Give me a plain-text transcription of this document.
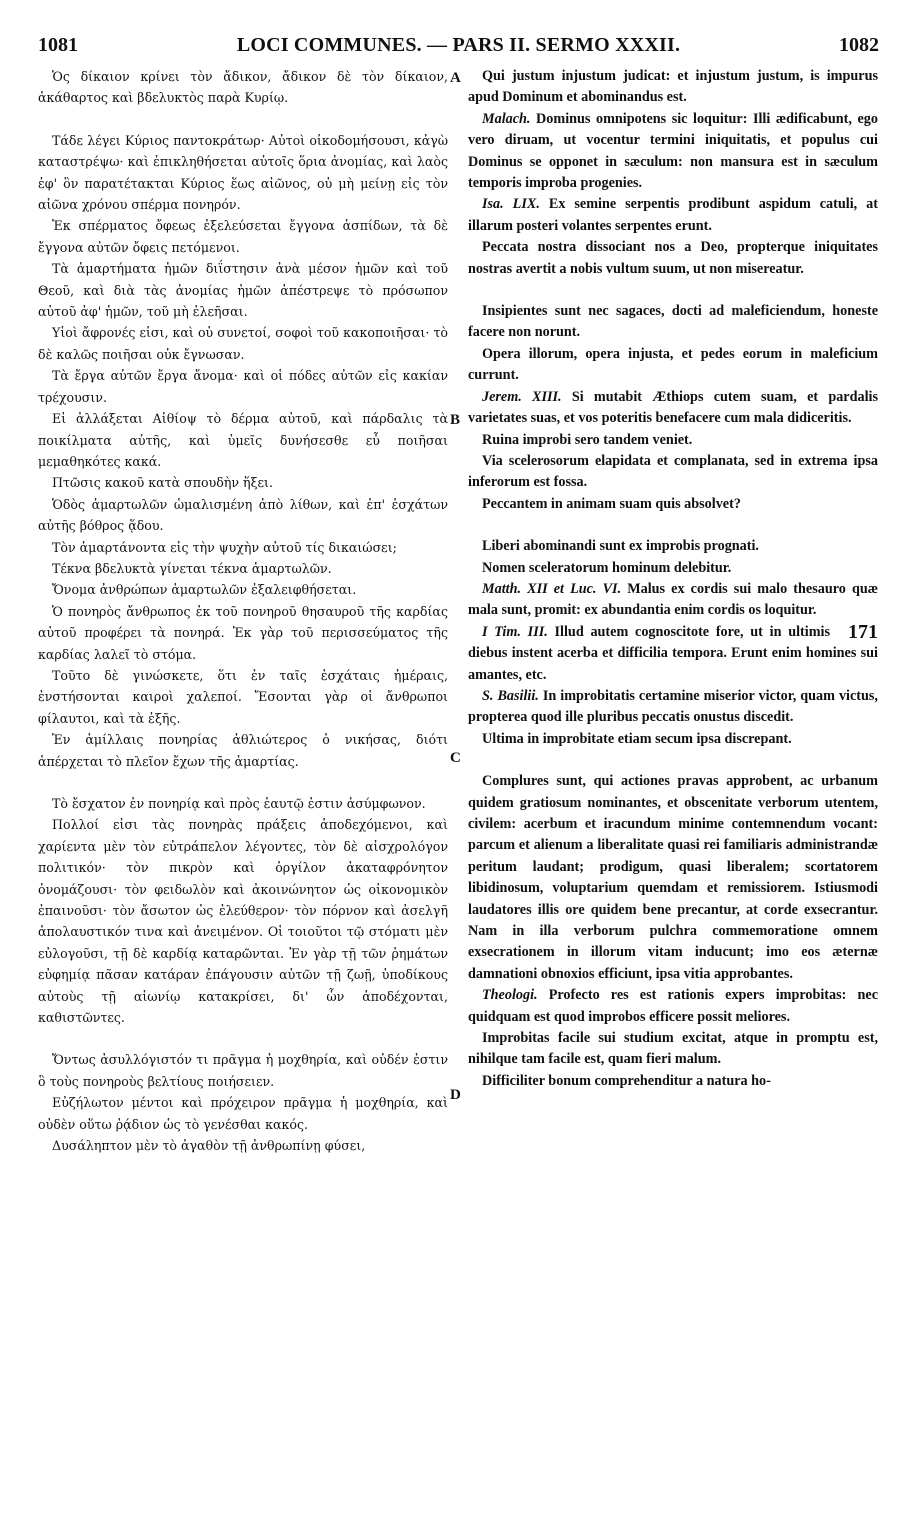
1081	LOCI COMMUNES. — PARS II. SERMO XXXII.	1082
A
B
C
D

Ὁς δίκαιον κρίνει τὸν ἄδικον, ἄδικον δὲ τὸν δίκαιον, ἀκάθαρτος καὶ βδελυκτὸς παρὰ Κυρίῳ.

Τάδε λέγει Κύριος παντοκράτωρ· Αὐτοὶ οἰκοδομήσουσι, κἀγὼ καταστρέψω· καὶ ἐπικληθήσεται αὐτοῖς ὅρια ἀνομίας, καὶ λαὸς ἐφ' ὃν παρατέτακται Κύριος ἕως αἰῶνος, οὐ μὴ μείνῃ εἰς τὸν αἰῶνα χρόνου σπέρμα πονηρόν.

Ἐκ σπέρματος ὄφεως ἐξελεύσεται ἔγγονα ἀσπίδων, τὰ δὲ ἔγγονα αὐτῶν ὄφεις πετόμενοι.

Τὰ ἁμαρτήματα ἡμῶν διΐστησιν ἀνὰ μέσον ἡμῶν καὶ τοῦ Θεοῦ, καὶ διὰ τὰς ἀνομίας ἡμῶν ἀπέστρεψε τὸ πρόσωπον αὐτοῦ ἀφ' ἡμῶν, τοῦ μὴ ἐλεῆσαι.

Υἱοὶ ἄφρονές εἰσι, καὶ οὐ συνετοί, σοφοὶ τοῦ κακοποιῆσαι· τὸ δὲ καλῶς ποιῆσαι οὐκ ἔγνωσαν.

Τὰ ἔργα αὐτῶν ἔργα ἄνομα· καὶ οἱ πόδες αὐτῶν εἰς κακίαν τρέχουσιν.

Εἰ ἀλλάξεται Αἰθίοψ τὸ δέρμα αὐτοῦ, καὶ πάρδαλις τὰ ποικίλματα αὐτῆς, καὶ ὑμεῖς δυνήσεσθε εὖ ποιῆσαι μεμαθηκότες κακά.

Πτῶσις κακοῦ κατὰ σπουδὴν ἥξει.

Ὁδὸς ἁμαρτωλῶν ὡμαλισμένη ἀπὸ λίθων, καὶ ἐπ' ἐσχάτων αὐτῆς βόθρος ᾅδου.

Τὸν ἁμαρτάνοντα εἰς τὴν ψυχὴν αὐτοῦ τίς δικαιώσει;

Τέκνα βδελυκτὰ γίνεται τέκνα ἁμαρτωλῶν.

Ὄνομα ἀνθρώπων ἁμαρτωλῶν ἐξαλειφθήσεται.

Ὁ πονηρὸς ἄνθρωπος ἐκ τοῦ πονηροῦ θησαυροῦ τῆς καρδίας αὐτοῦ προφέρει τὰ πονηρά. Ἐκ γὰρ τοῦ περισσεύματος τῆς καρδίας λαλεῖ τὸ στόμα.

Τοῦτο δὲ γινώσκετε, ὅτι ἐν ταῖς ἐσχάταις ἡμέραις, ἐνστήσονται καιροὶ χαλεποί. Ἔσονται γὰρ οἱ ἄνθρωποι φίλαυτοι, καὶ τὰ ἑξῆς.

Ἐν ἁμίλλαις πονηρίας ἀθλιώτερος ὁ νικήσας, διότι ἀπέρχεται τὸ πλεῖον ἔχων τῆς ἁμαρτίας.

Τὸ ἔσχατον ἐν πονηρίᾳ καὶ πρὸς ἑαυτῷ ἐστιν ἀσύμφωνον.

Πολλοί εἰσι τὰς πονηρὰς πράξεις ἀποδεχόμενοι, καὶ χαρίεντα μὲν τὸν εὐτράπελον λέγοντες, τὸν δὲ αἰσχρολόγον πολιτικόν· τὸν πικρὸν καὶ ὀργίλον ἀκαταφρόνητον ὀνομάζουσι· τὸν φειδωλὸν καὶ ἀκοινώνητον ὡς οἰκονομικὸν ἐπαινοῦσι· τὸν ἄσωτον ὡς ἐλεύθερον· τὸν πόρνον καὶ ἀσελγῆ ἀπολαυστικόν τινα καὶ ἀνειμένον. Οἱ τοιοῦτοι τῷ στόματι μὲν εὐλογοῦσι, τῇ δὲ καρδίᾳ καταρῶνται. Ἐν γὰρ τῇ τῶν ῥημάτων εὐφημίᾳ πᾶσαν κατάραν ἐπάγουσιν αὐτῶν τῇ ζωῇ, ὑποδίκους αὐτοὺς τῇ αἰωνίῳ κατακρίσει, δι' ὧν ἀποδέχονται, καθιστῶντες.

Ὄντως ἀσυλλόγιστόν τι πρᾶγμα ἡ μοχθηρία, καὶ οὐδέν ἐστιν ὃ τοὺς πονηροὺς βελτίους ποιήσειεν.

Εὐζήλωτον μέντοι καὶ πρόχειρον πρᾶγμα ἡ μοχθηρία, καὶ οὐδὲν οὕτω ῥᾴδιον ὡς τὸ γενέσθαι κακός.

Δυσάληπτον μὲν τὸ ἀγαθὸν τῇ ἀνθρωπίνῃ φύσει,

Qui justum injustum judicat: et injustum justum, is impurus apud Dominum et abominandus est.

Malach. Dominus omnipotens sic loquitur: Illi ædificabunt, ego vero diruam, ut vocentur termini iniquitatis, et populus cui Dominus se opponet in sæculum: non mansura est in sæculum temporis improba progenies.

Isa. LIX. Ex semine serpentis prodibunt aspidum catuli, at illarum posteri volantes serpentes erunt.

Peccata nostra dissociant nos a Deo, propterque iniquitates nostras avertit a nobis vultum suum, ut non misereatur.

Insipientes sunt nec sagaces, docti ad maleficiendum, honeste facere non norunt.

Opera illorum, opera injusta, et pedes eorum in maleficium currunt.

Jerem. XIII. Si mutabit Æthiops cutem suam, et pardalis varietates suas, et vos poteritis benefacere cum mala didiceritis.

Ruina improbi sero tandem veniet.

Via scelerosorum elapidata et complanata, sed in extrema ipsa inferorum est fossa.

Peccantem in animam suam quis absolvet?

Liberi abominandi sunt ex improbis prognati.

Nomen sceleratorum hominum delebitur.

Matth. XII et Luc. VI. Malus ex cordis sui malo thesauro quæ mala sunt, promit: ex abundantia enim cordis os loquitur.

171
I Tim. III. Illud autem cognoscitote fore, ut in ultimis diebus instent acerba et difficilia tempora. Erunt enim homines sui amantes, etc.

S. Basilii. In improbitatis certamine miserior victor, quam victus, propterea quod ille pluribus peccatis onustus discedit.

Ultima in improbitate etiam secum ipsa discrepant.

Complures sunt, qui actiones pravas approbent, ac urbanum quidem gratiosum nominantes, et obscenitate verborum utentem, civilem: acerbum et iracundum minime contemnendum vocant: parcum et alienum a liberalitate quasi rei familiaris administrandæ peritum laudant; prodigum, quasi liberalem; scortatorem libidinosum, voluptarium quemdam et remissiorem. Istiusmodi laudatores illis ore quidem bene precantur, at corde exsecrantur. Nam in illa verborum pulchra commemoratione omnem exsecrationem in illorum vitam inducunt; imo eos æternæ damnationi obnoxios efficiunt, ipsa vitia approbantes.

Theologi. Profecto res est rationis expers improbitas: nec quidquam est quod improbos efficere possit meliores.

Improbitas facile sui studium excitat, atque in promptu est, nihilque tam facile est, quam fieri malum.

Difficiliter bonum comprehenditur a natura ho-
